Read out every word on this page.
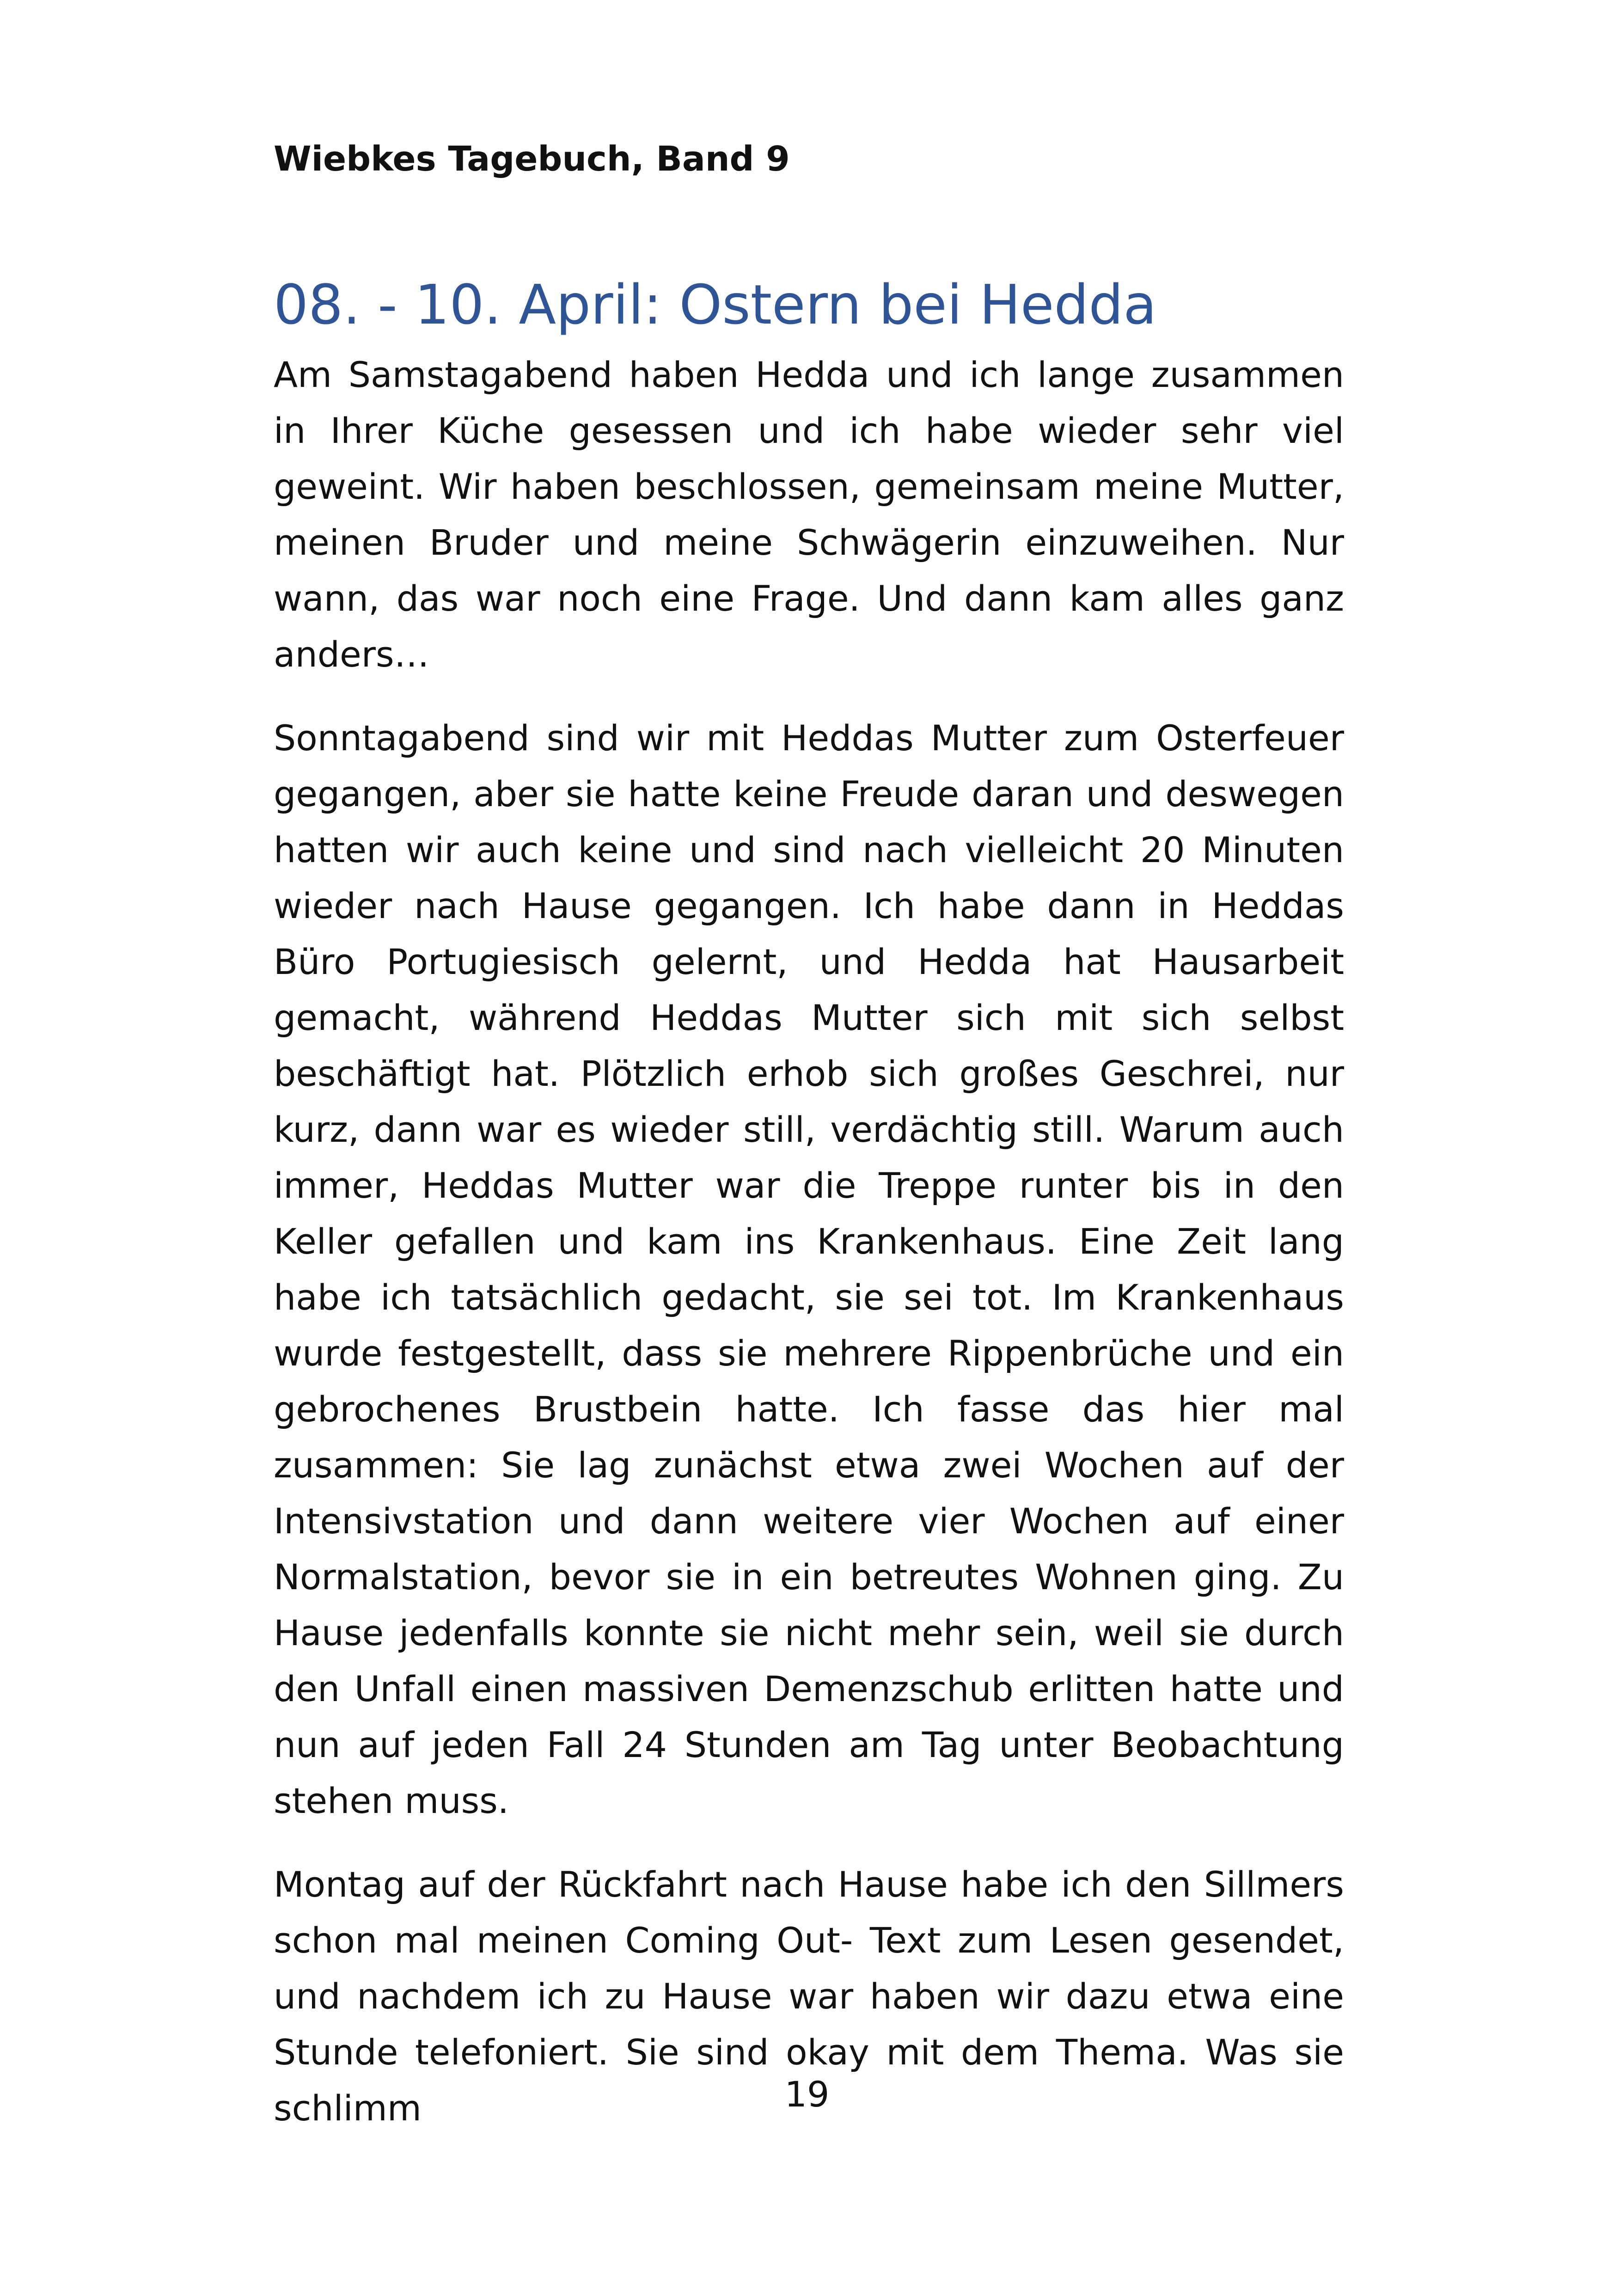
Wiebkes Tagebuch, Band 9
08. - 10. April: Ostern bei Hedda

Am Samstagabend haben Hedda und ich lange zusammen in Ihrer Küche gesessen und ich habe wieder sehr viel geweint. Wir haben beschlossen, gemeinsam meine Mutter, meinen Bruder und meine Schwägerin einzuweihen. Nur wann, das war noch eine Frage. Und dann kam alles ganz anders…

Sonntagabend sind wir mit Heddas Mutter zum Osterfeuer gegangen, aber sie hatte keine Freude daran und deswegen hatten wir auch keine und sind nach vielleicht 20 Minuten wieder nach Hause gegangen. Ich habe dann in Heddas Büro Portugiesisch gelernt, und Hedda hat Hausarbeit gemacht, während Heddas Mutter sich mit sich selbst beschäftigt hat. Plötzlich erhob sich großes Geschrei, nur kurz, dann war es wieder still, verdächtig still. Warum auch immer, Heddas Mutter war die Treppe runter bis in den Keller gefallen und kam ins Krankenhaus. Eine Zeit lang habe ich tatsächlich gedacht, sie sei tot. Im Krankenhaus wurde festgestellt, dass sie mehrere Rippenbrüche und ein gebrochenes Brustbein hatte. Ich fasse das hier mal zusammen: Sie lag zunächst etwa zwei Wochen auf der Intensivstation und dann weitere vier Wochen auf einer Normalstation, bevor sie in ein betreutes Wohnen ging. Zu Hause jedenfalls konnte sie nicht mehr sein, weil sie durch den Unfall einen massiven Demenzschub erlitten hatte und nun auf jeden Fall 24 Stunden am Tag unter Beobachtung stehen muss.

Montag auf der Rückfahrt nach Hause habe ich den Sillmers schon mal meinen Coming Out- Text zum Lesen gesendet, und nachdem ich zu Hause war haben wir dazu etwa eine Stunde telefoniert. Sie sind okay mit dem Thema. Was sie schlimm	19
